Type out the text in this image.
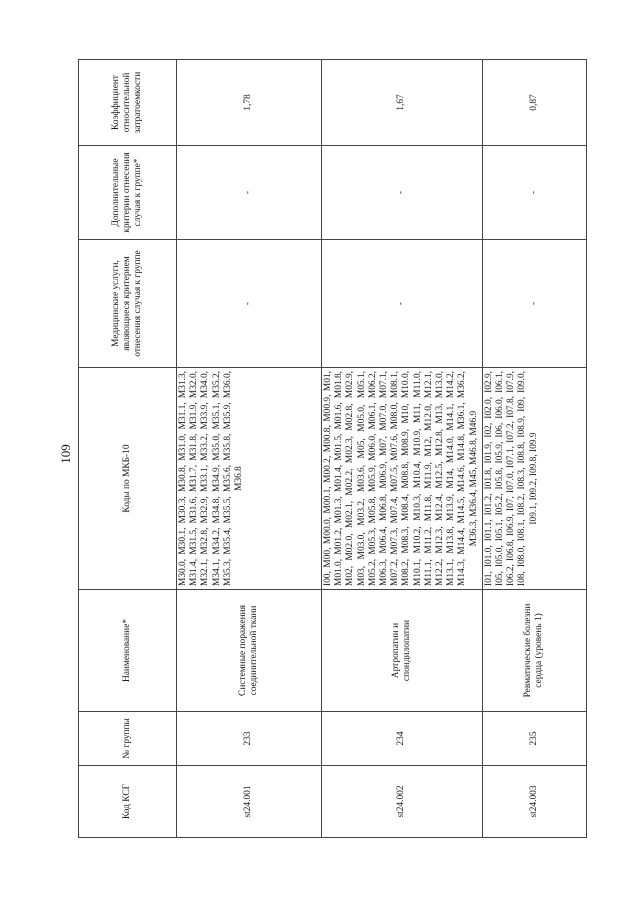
109
Код КСГ	№ группы	Наименование*	Коды по МКБ-10	Медицинские услуги, являющиеся критерием отнесения случая к группе	Дополнительные критерии отнесения случая к группе*	Коэффициент относительной затратоемкости
st24.001	233	Системные поражения соединительной ткани	M30.0, M30.1, M30.3, M30.8, M31.0, M31.1, M31.3, M31.4, M31.5, M31.6, M31.7, M31.8, M31.9, M32.0, M32.1, M32.8, M32.9, M33.1, M33.2, M33.9, M34.0, M34.1, M34.2, M34.8, M34.9, M35.0, M35.1, M35.2, M35.3, M35.4, M35.5, M35.6, M35.8, M35.9, M36.0, M36.8	-	-	1,78
st24.002	234	Артропатии и спондилопатии	I00, M00, M00.0, M00.1, M00.2, M00.8, M00.9, M01, M01.0, M01.2, M01.3, M01.4, M01.5, M01.6, M01.8, M02, M02.0, M02.1, M02.2, M02.3, M02.8, M02.9, M03, M03.0, M03.2, M03.6, M05, M05.0, M05.1, M05.2, M05.3, M05.8, M05.9, M06.0, M06.1, M06.2, M06.3, M06.4, M06.8, M06.9, M07, M07.0, M07.1, M07.2, M07.3, M07.4, M07.5, M07.6, M08.0, M08.1, M08.2, M08.3, M08.4, M08.8, M08.9, M10, M10.0, M10.1, M10.2, M10.3, M10.4, M10.9, M11, M11.0, M11.1, M11.2, M11.8, M11.9, M12, M12.0, M12.1, M12.2, M12.3, M12.4, M12.5, M12.8, M13, M13.0, M13.1, M13.8, M13.9, M14, M14.0, M14.1, M14.2, M14.3, M14.4, M14.5, M14.6, M14.8, M36.1, M36.2, M36.3, M36.4, M45, M46.8, M46.9	-	-	1,67
st24.003	235	Ревматические болезни сердца (уровень 1)	I01, I01.0, I01.1, I01.2, I01.8, I01.9, I02, I02.0, I02.9, I05, I05.0, I05.1, I05.2, I05.8, I05.9, I06, I06.0, I06.1, I06.2, I06.8, I06.9, I07, I07.0, I07.1, I07.2, I07.8, I07.9, I08, I08.0, I08.1, I08.2, I08.3, I08.8, I08.9, I09, I09.0, I09.1, I09.2, I09.8, I09.9	-	-	0,87
